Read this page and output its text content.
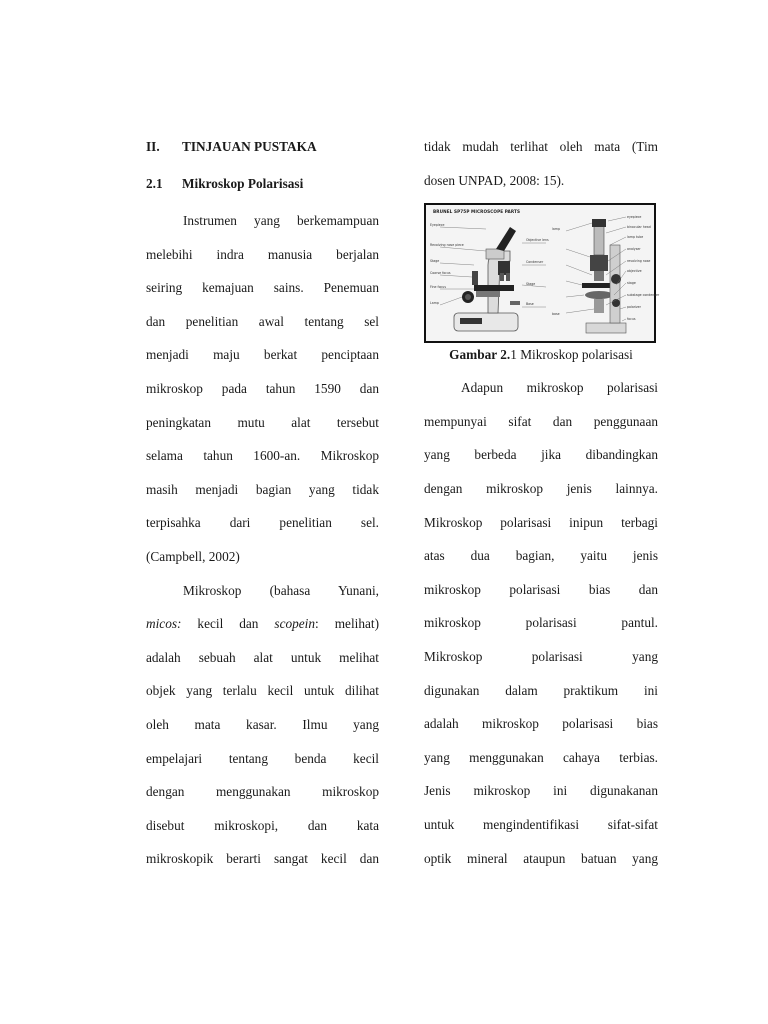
II.	TINJAUAN PUSTAKA
2.1	Mikroskop Polarisasi
Instrumen yang berkemampuan
melebihi indra manusia berjalan
seiring kemajuan sains. Penemuan
dan penelitian awal tentang sel
menjadi maju berkat penciptaan
mikroskop pada tahun 1590 dan
peningkatan mutu alat tersebut
selama tahun 1600-an. Mikroskop
masih menjadi bagian yang tidak
terpisahka dari penelitian sel.
(Campbell, 2002)
Mikroskop (bahasa Yunani,
micos: kecil dan scopein: melihat)
adalah sebuah alat untuk melihat
objek yang terlalu kecil untuk dilihat
oleh mata kasar. Ilmu yang
empelajari tentang benda kecil
dengan menggunakan mikroskop
disebut mikroskopi, dan kata
mikroskopik berarti sangat kecil dan
tidak mudah terlihat oleh mata (Tim
dosen UNPAD, 2008: 15).
BRUNEL SP75P MICROSCOPE PARTS
Eyepiece
Revolving nose piece
Stage
Coarse focus
Fine focus
Lamp
Objective lens
Condenser
Stage
Base
eyepiece
binocular head
lamp tube
analyser
revolving nose
objective
stage
substage condenser
polarizer
focus
lamp
base
Gambar 2.1 Mikroskop polarisasi
Adapun mikroskop polarisasi
mempunyai sifat dan penggunaan
yang berbeda jika dibandingkan
dengan mikroskop jenis lainnya.
Mikroskop polarisasi inipun terbagi
atas dua bagian, yaitu jenis
mikroskop polarisasi bias dan
mikroskop polarisasi pantul.
Mikroskop polarisasi yang
digunakan dalam praktikum ini
adalah mikroskop polarisasi bias
yang menggunakan cahaya terbias.
Jenis mikroskop ini digunakanan
untuk mengindentifikasi sifat-sifat
optik mineral ataupun batuan yang
